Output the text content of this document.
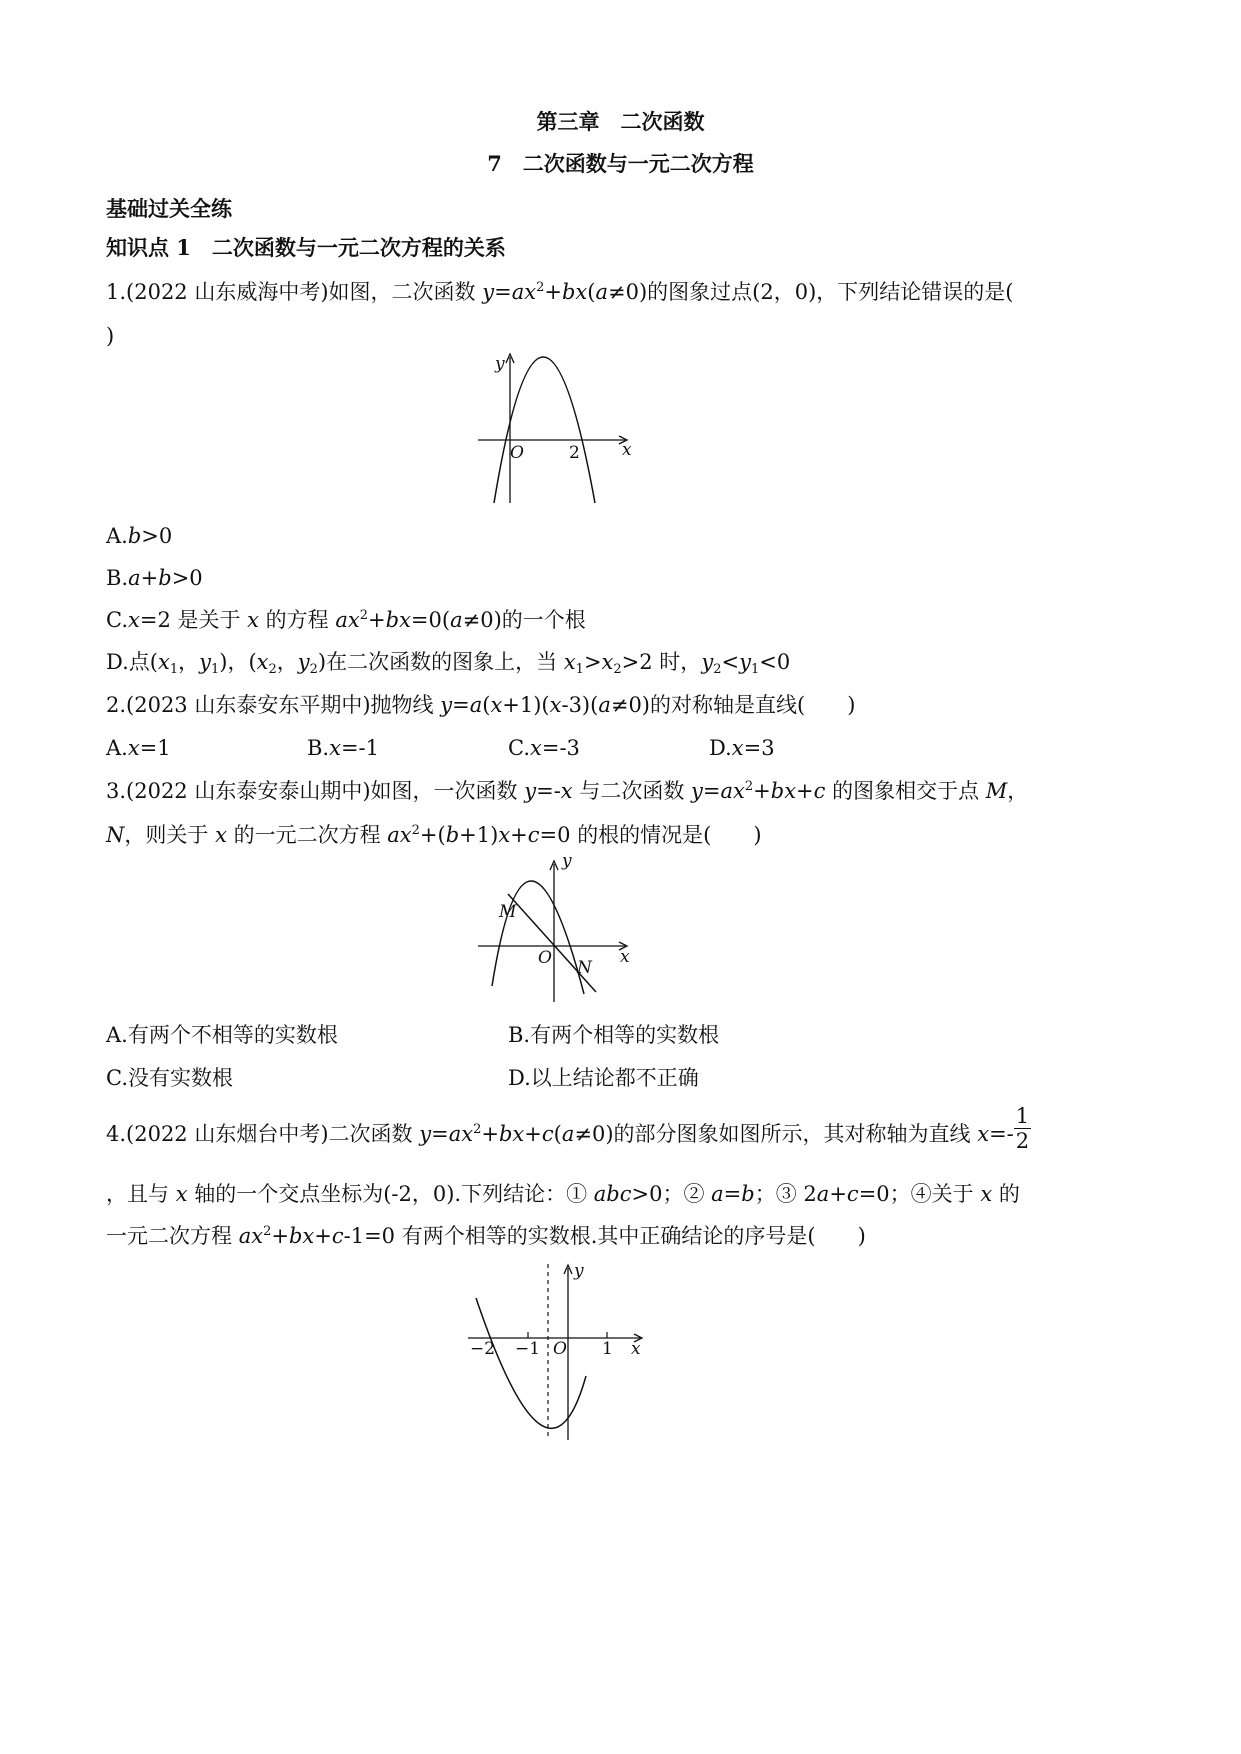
第三章　二次函数
7　二次函数与一元二次方程
基础过关全练
知识点 1　二次函数与一元二次方程的关系
1.(2022 山东威海中考)如图，二次函数 $y=ax^2+bx(a\ne 0)$的图象过点(2，0)，下列结论错误的是(
)
y
x
O	2
A.b>0
B.a+b>0
C.x=2 是关于 x 的方程 $ax^2+bx=0(a\ne 0)$的一个根
D.点($x_1$，$y_1$)，($x_2$，$y_2$)在二次函数的图象上，当 $x_1>x_2>2$ 时，$y_2<y_1<0$
2.(2023 山东泰安东平期中)抛物线 y=a(x+1)(x-3)(a≠0)的对称轴是直线(　　)
A.x=1	B.x=-1	C.x=-3	D.x=3
3.(2022 山东泰安泰山期中)如图，一次函数 y=-x 与二次函数 $y=ax^2+bx+c$ 的图象相交于点 M，
N，则关于 x 的一元二次方程 $ax^2+(b+1)x+c=0$ 的根的情况是(　　)
y
x
O
M
N
A.有两个不相等的实数根	B.有两个相等的实数根
C.没有实数根	D.以上结论都不正确
4.(2022 山东烟台中考)二次函数 $y=ax^2+bx+c(a\ne 0)$的部分图象如图所示，其对称轴为直线 $x=- \frac{1}{2}$
，且与 x 轴的一个交点坐标为(-2，0).下列结论：① abc>0；② a=b；③ 2a+c=0；④关于 x 的
一元二次方程 $ax^2+bx+c-1=0$ 有两个相等的实数根.其中正确结论的序号是(　　)
y
x
O
−2 −1	1
